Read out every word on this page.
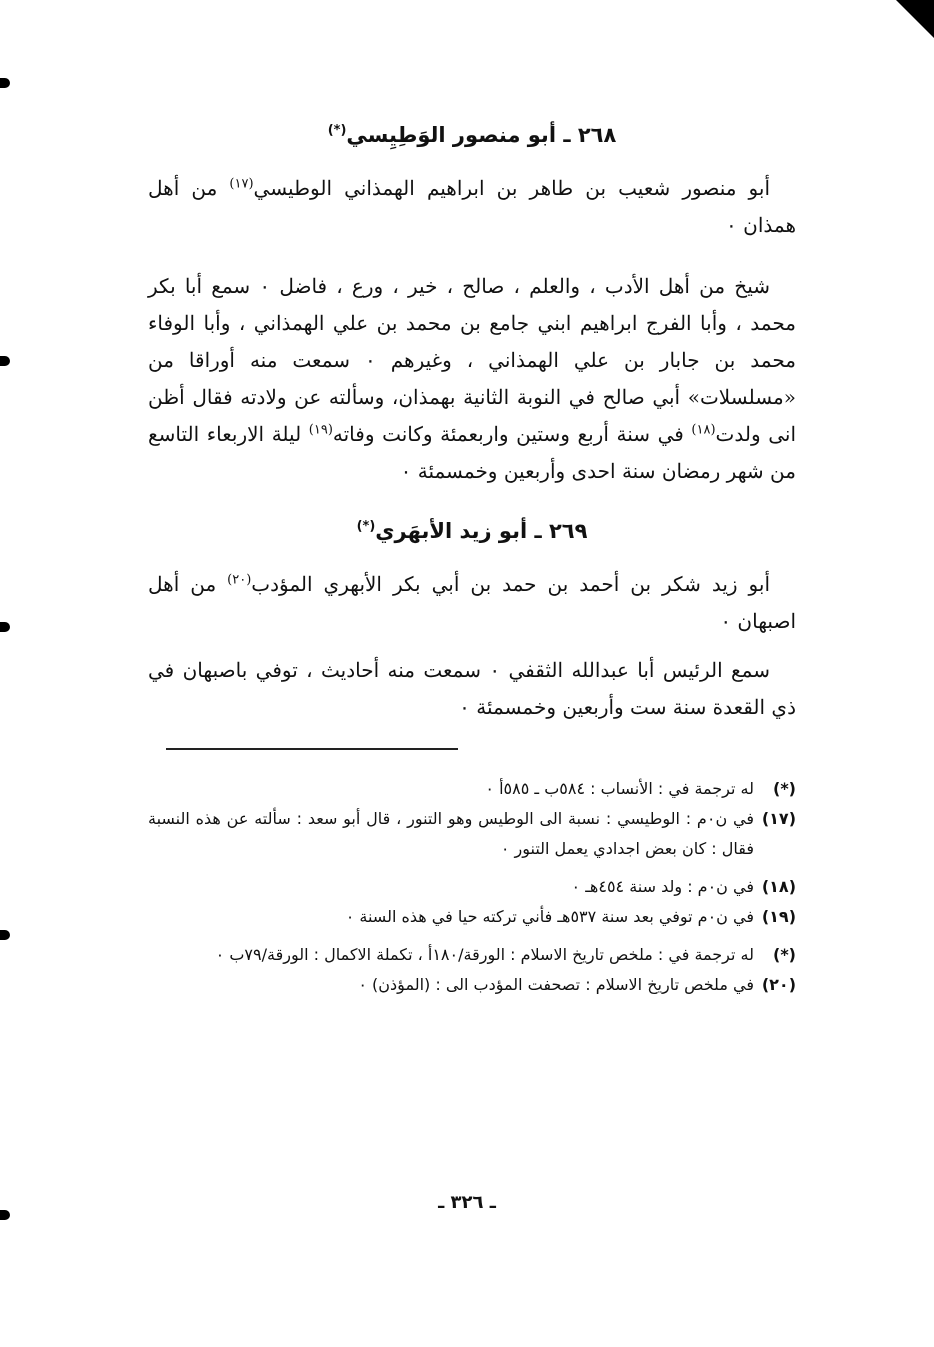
٢٦٨ ـ أبو منصور الوَطِيِسي(*)

أبو منصور شعيب بن طاهر بن ابراهيم الهمذاني الوطيسي$^{(١٧)}$ من أهل همذان ٠

شيخ من أهل الأدب ، والعلم ، صالح ، خير ، ورع ، فاضل ٠ سمع أبا بكر محمد ، وأبا الفرج ابراهيم ابني جامع بن محمد بن علي الهمذاني ، وأبا الوفاء محمد بن جابار بن علي الهمذاني ، وغيرهم ٠ سمعت منه أوراقا من «مسلسلات» أبي صالح في النوبة الثانية بهمذان، وسألته عن ولادته فقال أظن انى ولدت$^{(١٨)}$ في سنة أربع وستين واربعمئة وكانت وفاته$^{(١٩)}$ ليلة الاربعاء التاسع من شهر رمضان سنة احدى وأربعين وخمسمئة ٠

٢٦٩ ـ أبو زيد الأبهَري(*)

أبو زيد شكر بن أحمد بن حمد بن أبي بكر الأبهري المؤدب$^{(٢٠)}$ من أهل اصبهان ٠

سمع الرئيس أبا عبدالله الثقفي ٠ سمعت منه أحاديث ، توفي باصبهان في ذي القعدة سنة ست وأربعين وخمسمئة ٠

(*)
له ترجمة في : الأنساب : ٥٨٤ب ـ ٥٨٥أ ٠

(١٧)
في ن٠م : الوطيسي : نسبة الى الوطيس وهو التنور ، قال أبو سعد : سألته عن هذه النسبة فقال : كان بعض اجدادي يعمل التنور ٠

(١٨)
في ن٠م : ولد سنة ٤٥٤هـ ٠

(١٩)
في ن٠م توفي بعد سنة ٥٣٧هـ فأني تركته حيا في هذه السنة ٠

(*)
له ترجمة في : ملخص تاريخ الاسلام : الورقة/١٨٠أ ، تكملة الاكمال : الورقة/٧٩ب ٠

(٢٠)
في ملخص تاريخ الاسلام : تصحفت المؤدب الى : (المؤذن) ٠

ـ ٣٢٦ ـ
